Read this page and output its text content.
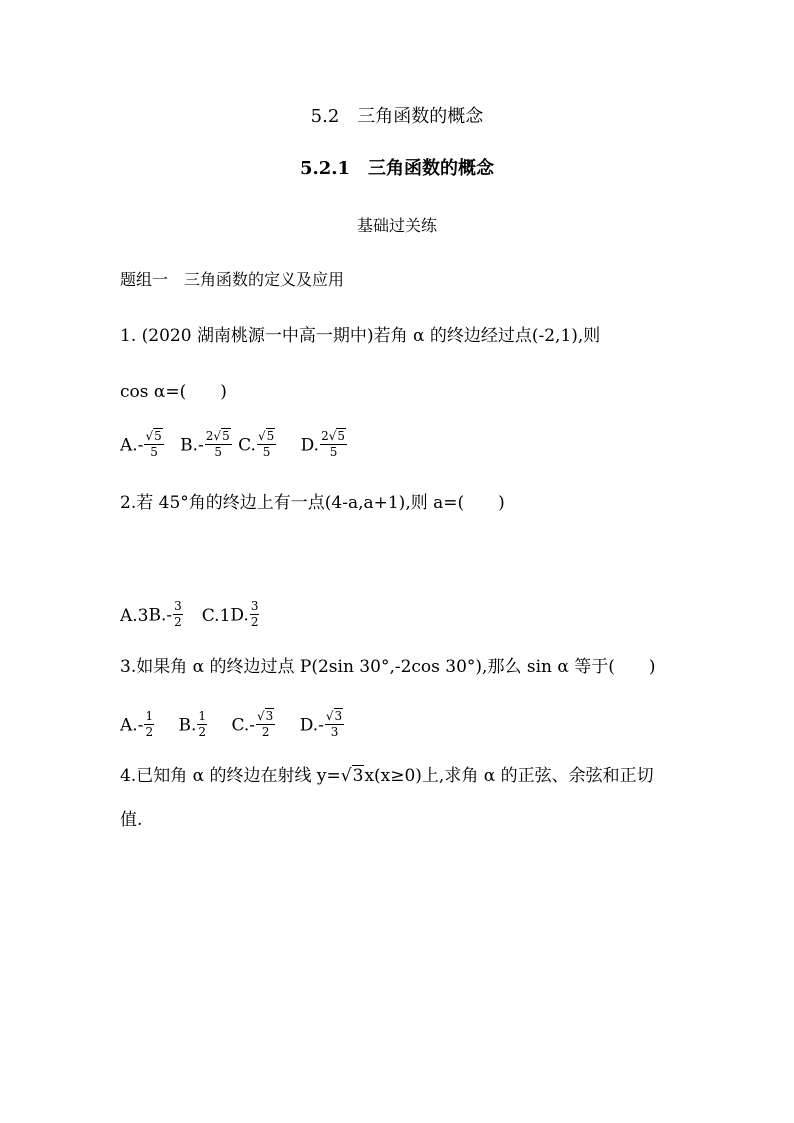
5.2　三角函数的概念
5.2.1　三角函数的概念
基础过关练
题组一　三角函数的定义及应用
1. (2020 湖南桃源一中高一期中)若角 α 的终边经过点(-2,1),则
cos α=( )
$A.- \frac{√5}{5} B.- \frac{2√5}{5} C$. $\frac{√5}{5} D$. $\frac{2√5}{5}$
2.若 45°角的终边上有一点(4-a,a+1),则 a=( )
$A.3B.- \frac{3}{2} C.1D$. $\frac{3}{2}$
3.如果角 α 的终边过点 P(2sin 30°,-2cos 30°),那么 sin α 等于( )
$A.- \frac{1}{2} B$. $\frac{1}{2} C.- \frac{√3}{2} D.- \frac{√3}{3}$
4.已知角 α 的终边在射线 y=√3x(x≥0)上,求角 α 的正弦、余弦和正切
值.
